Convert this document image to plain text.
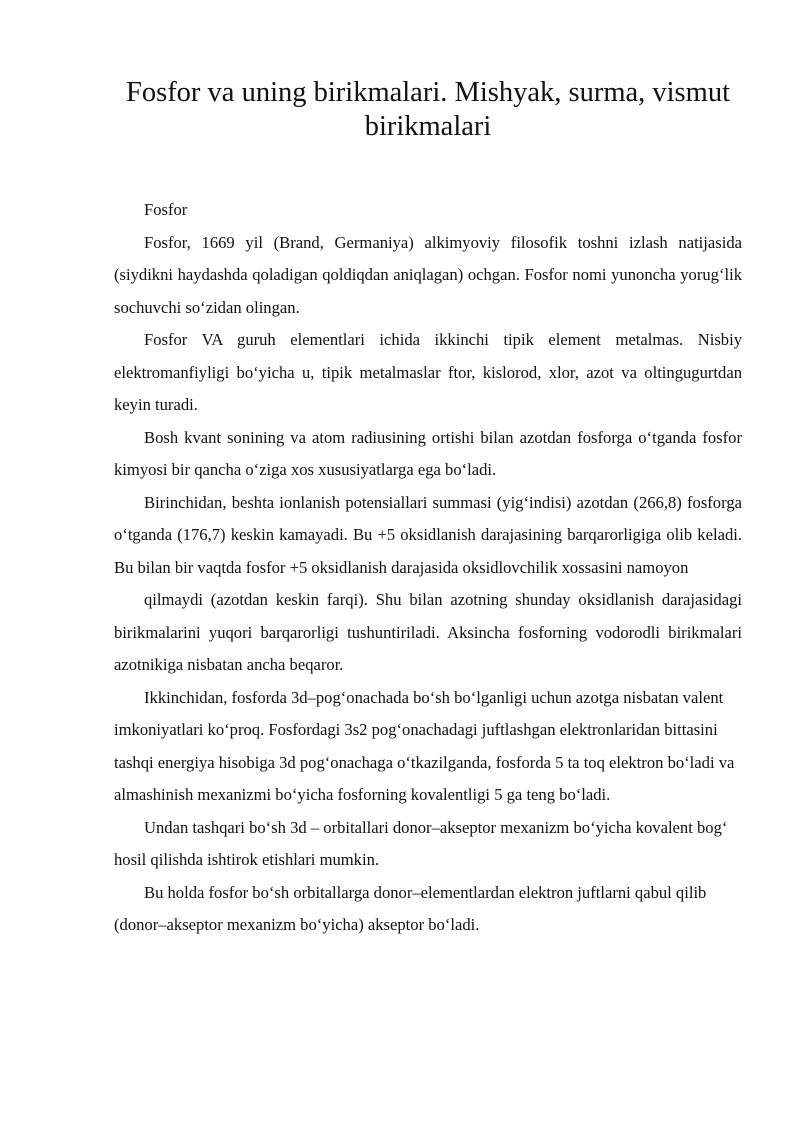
Fosfor va uning birikmalari. Mishyak, surma, vismut birikmalari

Fosfor

Fosfor, 1669 yil (Brand, Germaniya) alkimyoviy filosofik toshni izlash natijasida (siydikni haydashda qoladigan qoldiqdan aniqlagan) ochgan. Fosfor nomi yunoncha yorug‘lik sochuvchi so‘zidan olingan.

Fosfor VA guruh elementlari ichida ikkinchi tipik element metalmas. Nisbiy elektromanfiyligi bo‘yicha u, tipik metalmaslar ftor, kislorod, xlor, azot va oltingugurtdan keyin turadi.

Bosh kvant sonining va atom radiusining ortishi bilan azotdan fosforga o‘tganda fosfor kimyosi bir qancha o‘ziga xos xususiyatlarga ega bo‘ladi.

Birinchidan, beshta ionlanish potensiallari summasi (yig‘indisi) azotdan (266,8) fosforga o‘tganda (176,7) keskin kamayadi. Bu +5 oksidlanish darajasining barqarorligiga olib keladi. Bu bilan bir vaqtda fosfor +5 oksidlanish darajasida oksidlovchilik xossasini namoyon

qilmaydi (azotdan keskin farqi). Shu bilan azotning shunday oksidlanish darajasidagi birikmalarini yuqori barqarorligi tushuntiriladi. Aksincha fosforning vodorodli birikmalari azotnikiga nisbatan ancha beqaror.

Ikkinchidan, fosforda 3d–pog‘onachada bo‘sh bo‘lganligi uchun azotga nisbatan valent imkoniyatlari ko‘proq. Fosfordagi 3s2 pog‘onachadagi juftlashgan elektronlaridan bittasini tashqi energiya hisobiga 3d pog‘onachaga o‘tkazilganda, fosforda 5 ta toq elektron bo‘ladi va almashinish mexanizmi bo‘yicha fosforning kovalentligi 5 ga teng bo‘ladi.

Undan tashqari bo‘sh 3d – orbitallari donor–akseptor mexanizm bo‘yicha kovalent bog‘ hosil qilishda ishtirok etishlari mumkin.

Bu holda fosfor bo‘sh orbitallarga donor–elementlardan elektron juftlarni qabul qilib (donor–akseptor mexanizm bo‘yicha) akseptor bo‘ladi.
